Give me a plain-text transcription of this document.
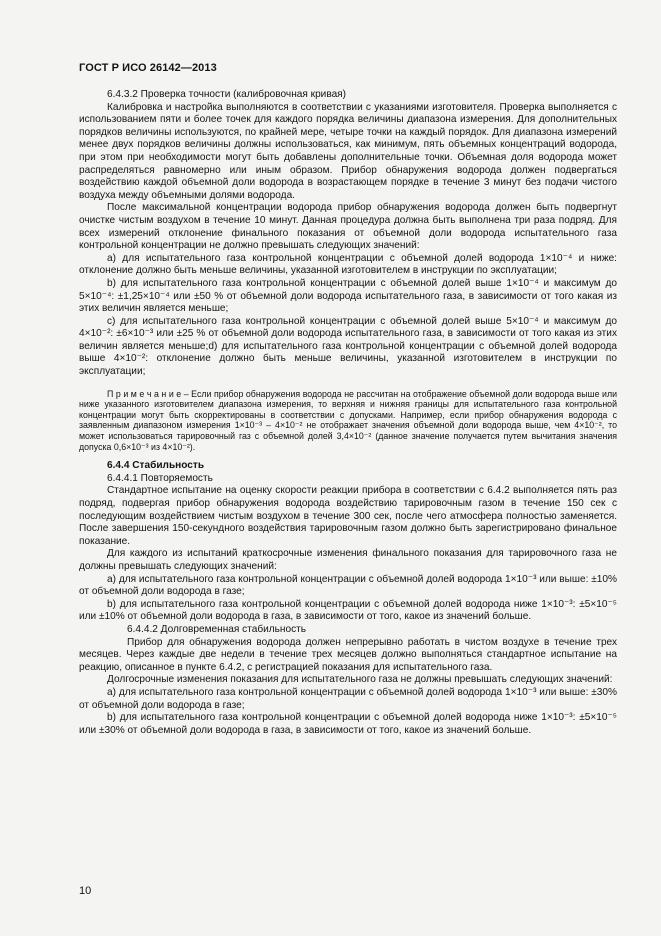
ГОСТ Р ИСО 26142—2013

6.4.3.2 Проверка точности (калибровочная кривая)

Калибровка и настройка выполняются в соответствии с указаниями изготовителя. Проверка выполняется с использованием пяти и более точек для каждого порядка величины диапазона измерения. Для дополнительных порядков величины используются, по крайней мере, четыре точки на каждый порядок. Для диапазона измерений менее двух порядков величины должны использоваться, как минимум, пять объемных концентраций водорода, при этом при необходимости могут быть добавлены дополнительные точки. Объемная доля водорода может распределяться равномерно или иным образом. Прибор обнаружения водорода должен подвергаться воздействию каждой объемной доли водорода в возрастающем порядке в течение 3 минут без подачи чистого воздуха между объемными долями водорода.

После максимальной концентрации водорода прибор обнаружения водорода должен быть подвергнут очистке чистым воздухом в течение 10 минут. Данная процедура должна быть выполнена три раза подряд. Для всех измерений отклонение финального показания от объемной доли водорода испытательного газа контрольной концентрации не должно превышать следующих значений:

a) для испытательного газа контрольной концентрации с объемной долей водорода 1×10⁻⁴ и ниже: отклонение должно быть меньше величины, указанной изготовителем в инструкции по эксплуатации;

b) для испытательного газа контрольной концентрации с объемной долей выше 1×10⁻⁴ и максимум до 5×10⁻⁴: ±1,25×10⁻⁴ или ±50 % от объемной доли водорода испытательного газа, в зависимости от того какая из этих величин является меньше;

c) для испытательного газа контрольной концентрации с объемной долей выше 5×10⁻⁴ и максимум до 4×10⁻²: ±6×10⁻³ или ±25 % от объемной доли водорода испытательного газа, в зависимости от того какая из этих величин является меньше;d) для испытательного газа контрольной концентрации с объемной долей водорода выше 4×10⁻²: отклонение должно быть меньше величины, указанной изготовителем в инструкции по эксплуатации;

П р и м е ч а н и е – Если прибор обнаружения водорода не рассчитан на отображение объемной доли водорода выше или ниже указанного изготовителем диапазона измерения, то верхняя и нижняя границы для испытательного газа контрольной концентрации могут быть скорректированы в соответствии с допусками. Например, если прибор обнаружения водорода с заявленным диапазоном измерения 1×10⁻³ – 4×10⁻² не отображает значения объемной доли водорода выше, чем 4×10⁻², то может использоваться тарировочный газ с объемной долей 3,4×10⁻² (данное значение получается путем вычитания значения допуска 0,6×10⁻³ из 4×10⁻²).

6.4.4 Стабильность

6.4.4.1 Повторяемость

Стандартное испытание на оценку скорости реакции прибора в соответствии с 6.4.2 выполняется пять раз подряд, подвергая прибор обнаружения водорода воздействию тарировочным газом в течение 150 сек с последующим воздействием чистым воздухом в течение 300 сек, после чего атмосфера полностью заменяется. После завершения 150-секундного воздействия тарировочным газом должно быть зарегистрировано финальное показание.

Для каждого из испытаний краткосрочные изменения финального показания для тарировочного газа не должны превышать следующих значений:

a) для испытательного газа контрольной концентрации с объемной долей водорода 1×10⁻³ или выше: ±10% от объемной доли водорода в газе;

b) для испытательного газа контрольной концентрации с объемной долей водорода ниже 1×10⁻³: ±5×10⁻⁵ или ±10% от объемной доли водорода в газа, в зависимости от того, какое из значений больше.

6.4.4.2 Долговременная стабильность

Прибор для обнаружения водорода должен непрерывно работать в чистом воздухе в течение трех месяцев. Через каждые две недели в течение трех месяцев должно выполняться стандартное испытание на реакцию, описанное в пункте 6.4.2, с регистрацией показания для испытательного газа.

Долгосрочные изменения показания для испытательного газа не должны превышать следующих значений:

a) для испытательного газа контрольной концентрации с объемной долей водорода 1×10⁻³ или выше: ±30% от объемной доли водорода в газе;

b) для испытательного газа контрольной концентрации с объемной долей водорода ниже 1×10⁻³: ±5×10⁻⁵ или ±30% от объемной доли водорода в газа, в зависимости от того, какое из значений больше.

10
